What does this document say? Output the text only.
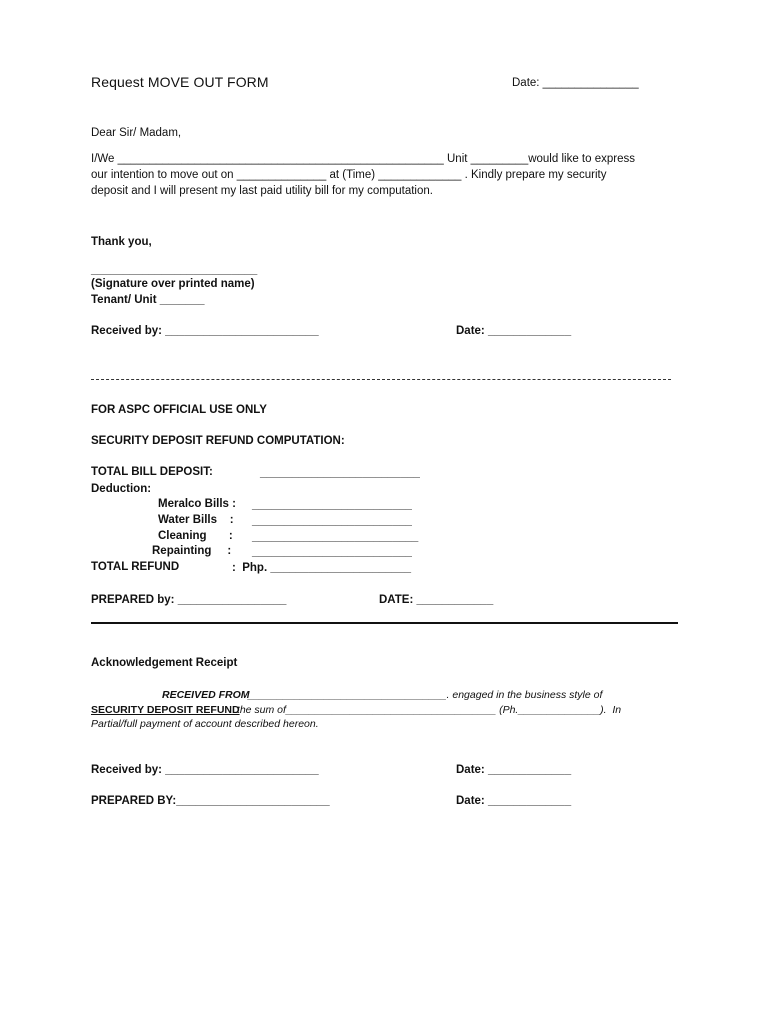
Request MOVE OUT FORM	Date: _______________
Dear Sir/ Madam,
I/We ___________________________________________________ Unit _________would like to express
our intention to move out on ______________ at (Time) _____________ . Kindly prepare my security
deposit and I will present my last paid utility bill for my computation.
Thank you,
__________________________
(Signature over printed name)
Tenant/ Unit _______
Received by: ________________________	Date: _____________
FOR ASPC OFFICIAL USE ONLY
SECURITY DEPOSIT REFUND COMPUTATION:
TOTAL BILL DEPOSIT:	_________________________
Deduction:
Meralco Bills : _________________________
Water Bills    : _________________________
Cleaning       : __________________________
Repainting     : _________________________
TOTAL REFUND	:  Php. ______________________
PREPARED by: _________________	DATE: ____________
Acknowledgement Receipt
RECEIVED FROM
__________________________________. engaged in the business style of
SECURITY DEPOSIT REFUND
the sum of____________________________________ (Ph.______________).  In
Partial/full payment of account described hereon.
Received by: ________________________	Date: _____________
PREPARED BY:________________________	Date: _____________
